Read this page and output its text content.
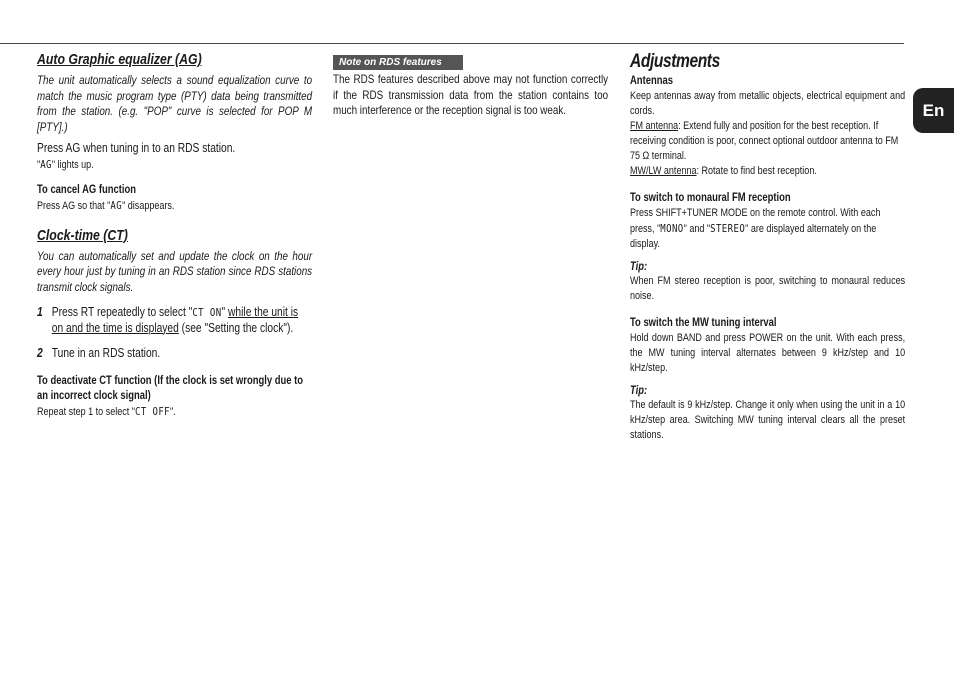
Auto Graphic equalizer (AG)

The unit automatically selects a sound equalization curve to match the music program type (PTY) data being transmitted from the station. (e.g. "POP" curve is selected for POP M [PTY].)

Press AG when tuning in to an RDS station.

"AG" lights up.

To cancel AG function

Press AG so that "AG" disappears.

Clock-time (CT)

You can automatically set and update the clock on the hour every hour just by tuning in an RDS station since RDS stations transmit clock signals.

1 Press RT repeatedly to select "CT ON" while the unit is on and the time is displayed (see "Setting the clock").
2 Tune in an RDS station.

To deactivate CT function (If the clock is set wrongly due to an incorrect clock signal)

Repeat step 1 to select "CT OFF".

Note on RDS features

The RDS features described above may not function correctly if the RDS transmission data from the station contains too much interference or the reception signal is too weak.

Adjustments

Antennas

Keep antennas away from metallic objects, electrical equipment and cords.

FM antenna: Extend fully and position for the best reception. If receiving condition is poor, connect optional outdoor antenna to FM 75 Ω terminal.

MW/LW antenna: Rotate to find best reception.

To switch to monaural FM reception

Press SHIFT+TUNER MODE on the remote control. With each press, "MONO" and "STEREO" are displayed alternately on the display.

Tip:

When FM stereo reception is poor, switching to monaural reduces noise.

To switch the MW tuning interval

Hold down BAND and press POWER on the unit. With each press, the MW tuning interval alternates between 9 kHz/step and 10 kHz/step.

Tip:

The default is 9 kHz/step. Change it only when using the unit in a 10 kHz/step area. Switching MW tuning interval clears all the preset stations.

En
